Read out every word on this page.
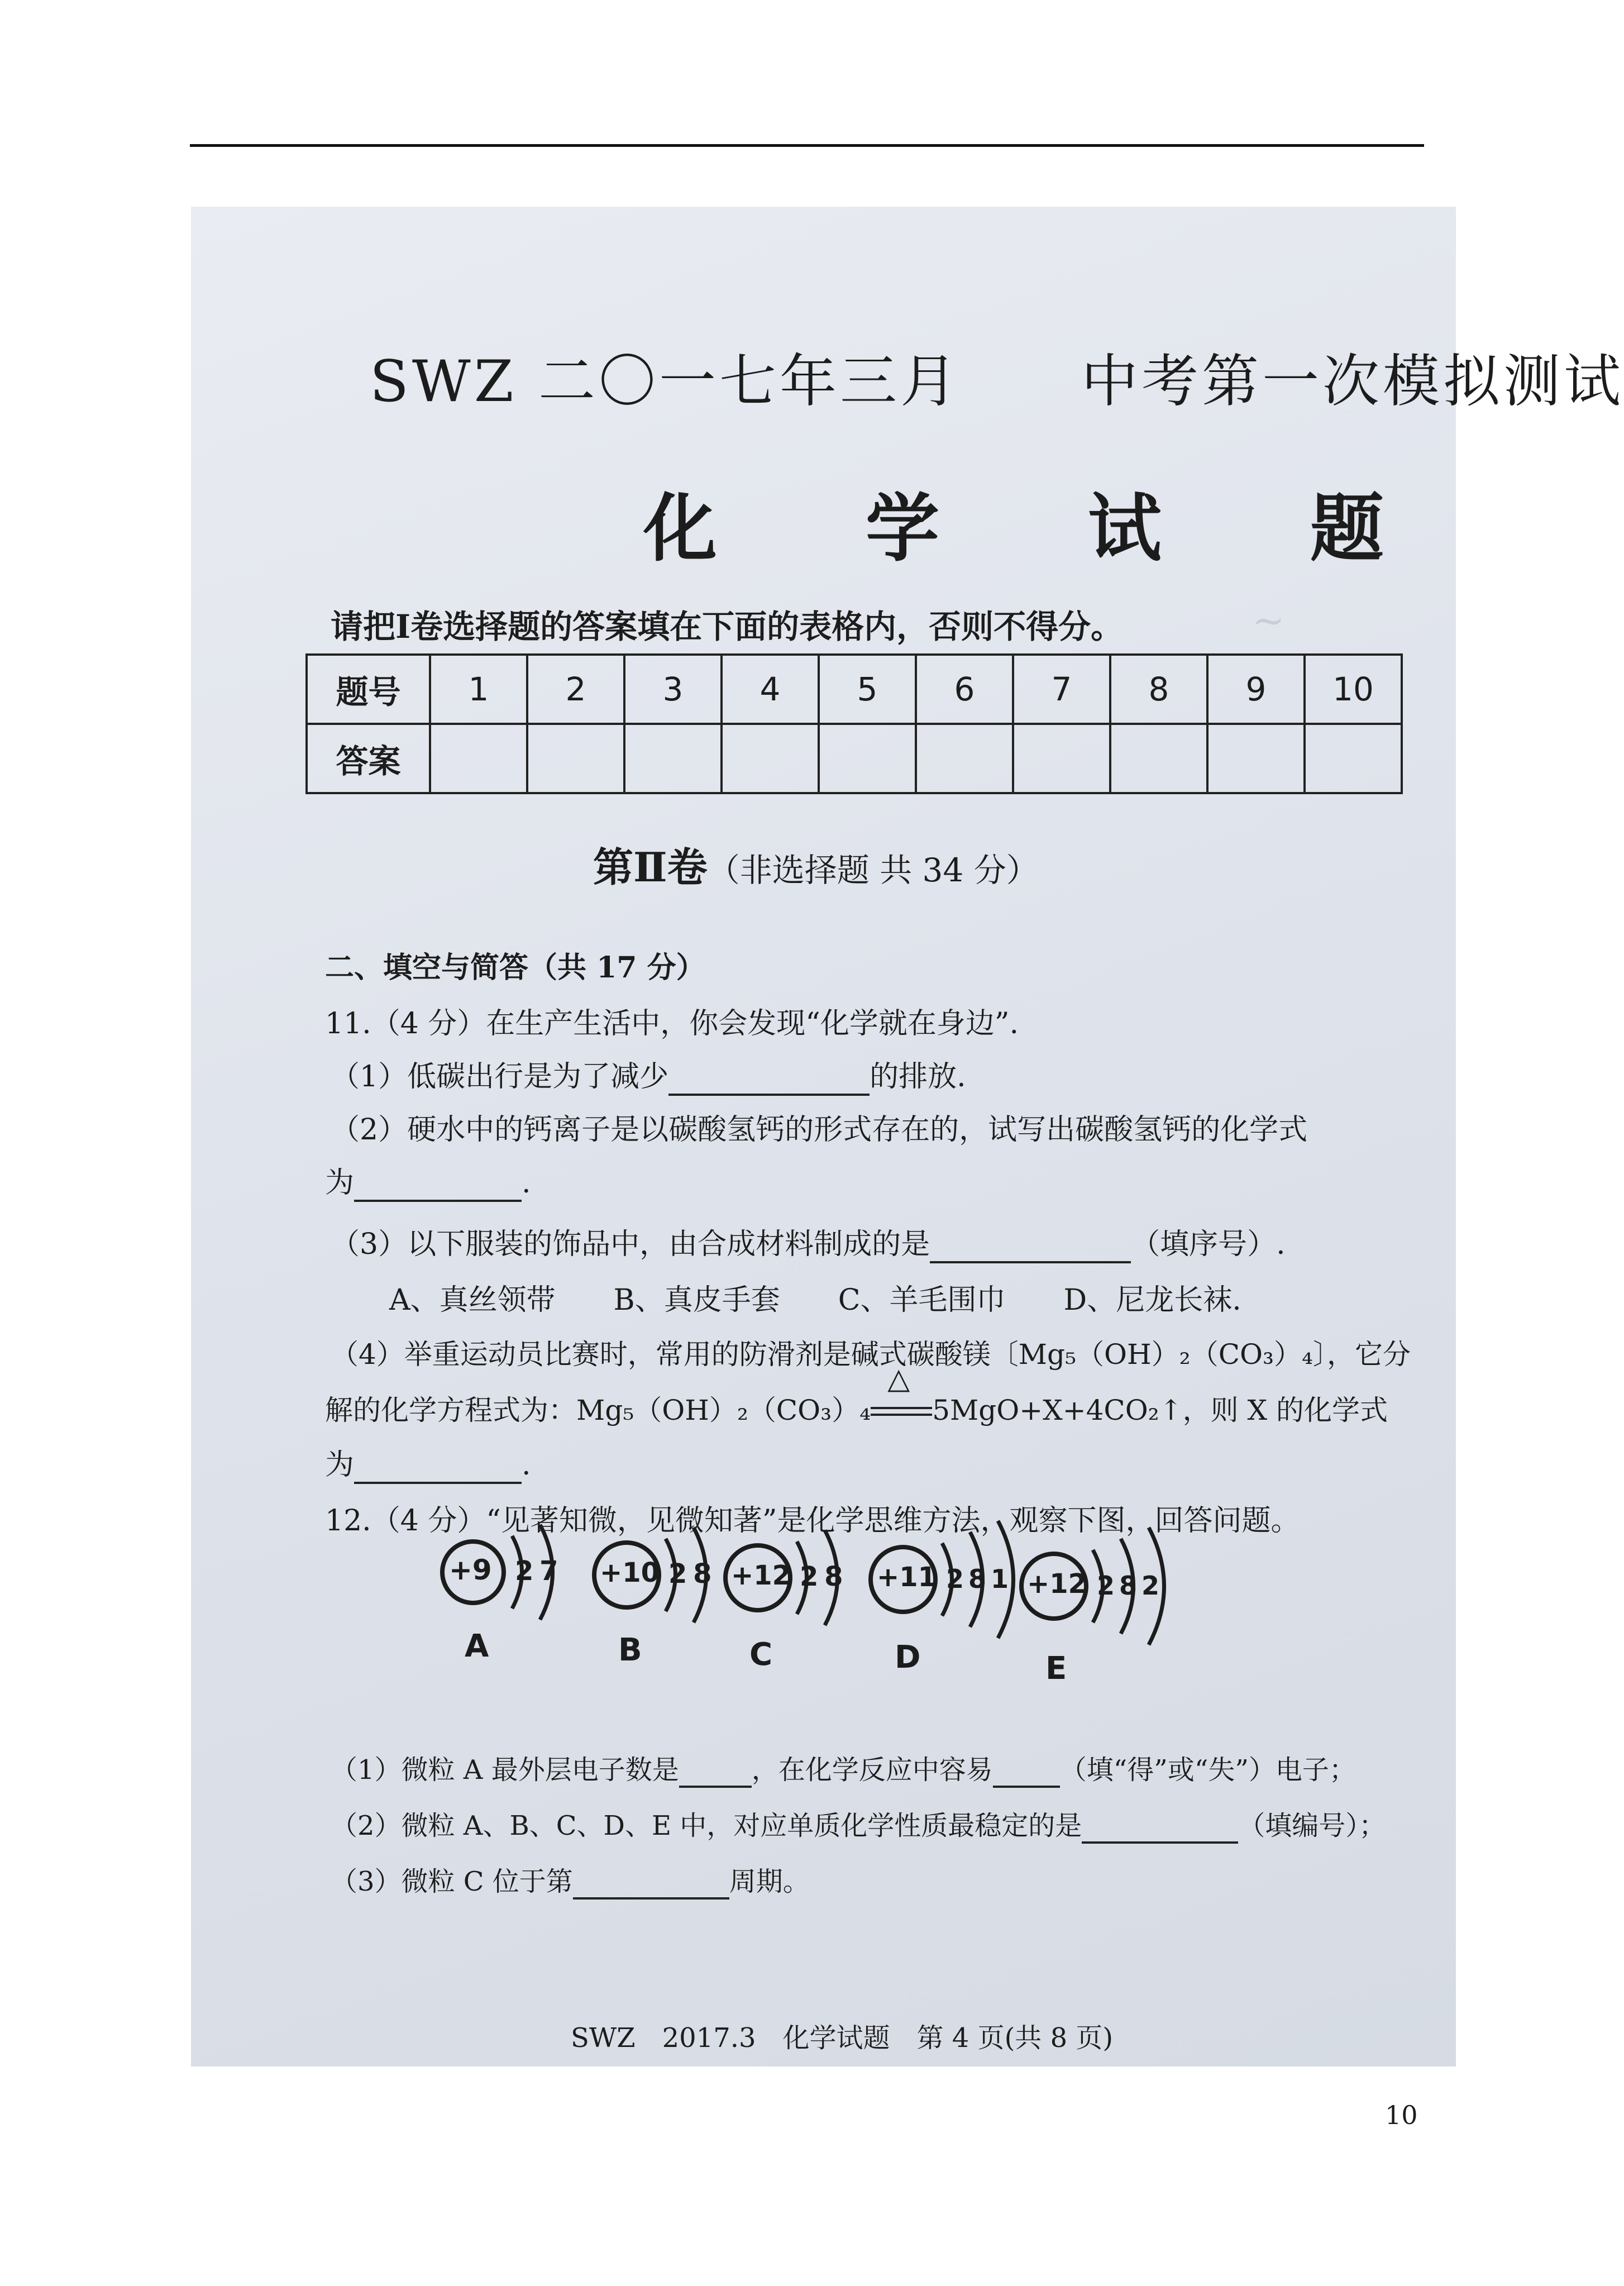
~
SWZ 二〇一七年三月　　中考第一次模拟测试
化 学 试 题
请把Ⅰ卷选择题的答案填在下面的表格内，否则不得分。
题号	1	2	3	4	5	6	7	8	9	10
答案										
第Ⅱ卷（非选择题 共 34 分）
二、填空与简答（共 17 分）
11.（4 分）在生产生活中，你会发现“化学就在身边”.
（1）低碳出行是为了减少	的排放.
（2）硬水中的钙离子是以碳酸氢钙的形式存在的，试写出碳酸氢钙的化学式
为	.
（3）以下服装的饰品中，由合成材料制成的是	（填序号）.
A、真丝领带　　B、真皮手套　　C、羊毛围巾　　D、尼龙长袜.
（4）举重运动员比赛时，常用的防滑剂是碱式碳酸镁〔Mg₅（OH）₂（CO₃）₄〕，它分
解的化学方程式为：Mg₅（OH）₂（CO₃）₄
△
5MgO+X+4CO₂↑，则 X 的化学式
为	.
12.（4 分）“见著知微，见微知著”是化学思维方法，观察下图，回答问题。
+9 2 7
A
+10 2 8
B
+12 2 8
C
+11 2 8 1
D
+12 2 8 2
E
（1）微粒 A 最外层电子数是	，在化学反应中容易	（填“得”或“失”）电子；
（2）微粒 A、B、C、D、E 中，对应单质化学性质最稳定的是	（填编号）；
（3）微粒 C 位于第	周期。
SWZ　2017.3　化学试题　第 4 页(共 8 页)
10
